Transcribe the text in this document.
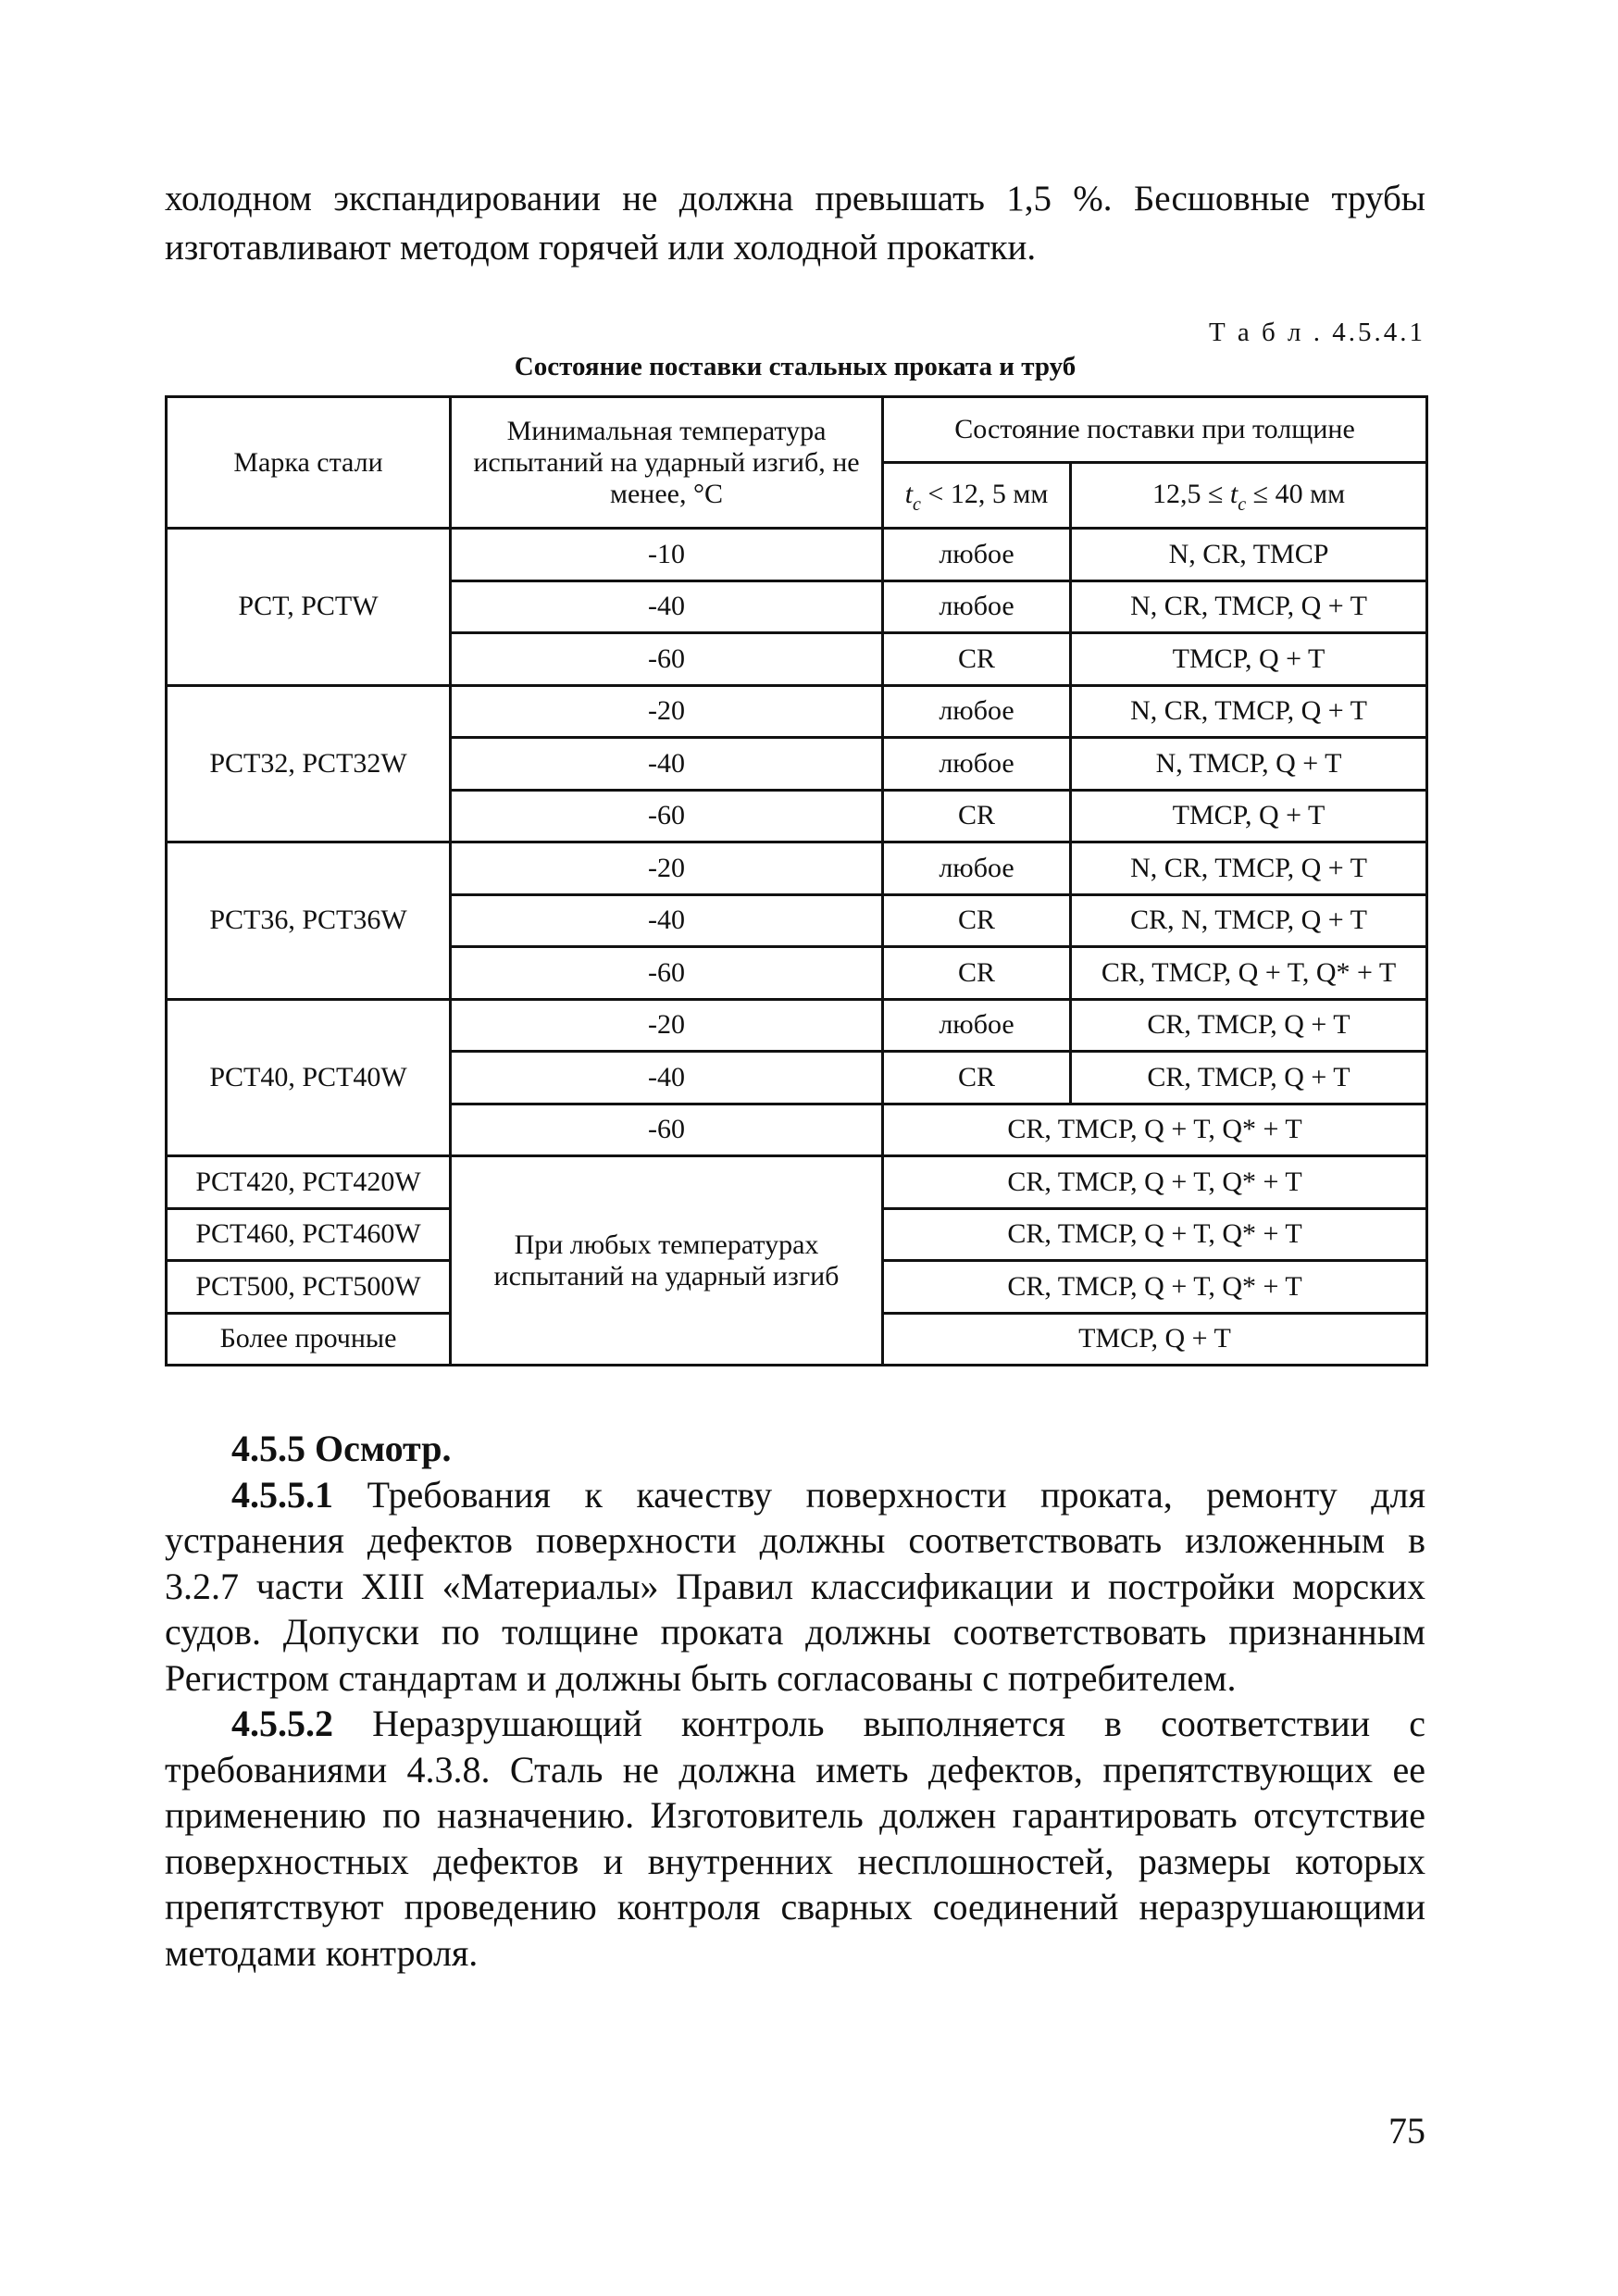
холодном экспандировании не должна превышать 1,5 %. Бесшовные трубы изготавливают методом горячей или холодной прокатки.

Т а б л . 4.5.4.1
Состояние поставки стальных проката и труб
Марка стали	Минимальная температура испытаний на ударный изгиб, не менее, °C	Состояние поставки при толщине	
		$t_c < 12$, 5 мм	$12,5 \le t_c \le 40$ мм
PCT, PCTW	-10	любое	N, CR, TMCP
	-40	любое	N, CR, TMCP, Q + T
	-60	CR	TMCP, Q + T
PCT32, PCT32W	-20	любое	N, CR, TMCP, Q + T
	-40	любое	N, TMCP, Q + T
	-60	CR	TMCP, Q + T
PCT36, PCT36W	-20	любое	N, CR, TMCP, Q + T
	-40	CR	CR, N, TMCP, Q + T
	-60	CR	CR, TMCP, Q + T, Q* + T
PCT40, PCT40W	-20	любое	CR, TMCP, Q + T
	-40	CR	CR, TMCP, Q + T
	-60	CR, TMCP, Q + T, Q* + T	
PCT420, PCT420W	При любых температурах испытаний на ударный изгиб	CR, TMCP, Q + T, Q* + T	
PCT460, PCT460W		CR, TMCP, Q + T, Q* + T	
PCT500, PCT500W		CR, TMCP, Q + T, Q* + T	
Более прочные		TMCP, Q + T	

4.5.5 Осмотр.

4.5.5.1 Требования к качеству поверхности проката, ремонту для устранения дефектов поверхности должны соответствовать изложенным в 3.2.7 части XIII «Материалы» Правил классификации и постройки морских судов. Допуски по толщине проката должны соответствовать признанным Регистром стандартам и должны быть согласованы с потребителем.

4.5.5.2 Неразрушающий контроль выполняется в соответствии с требованиями 4.3.8. Сталь не должна иметь дефектов, препятствующих ее применению по назначению. Изготовитель должен гарантировать отсутствие поверхностных дефектов и внутренних несплошностей, размеры которых препятствуют проведению контроля сварных соединений неразрушающими методами контроля.

75
